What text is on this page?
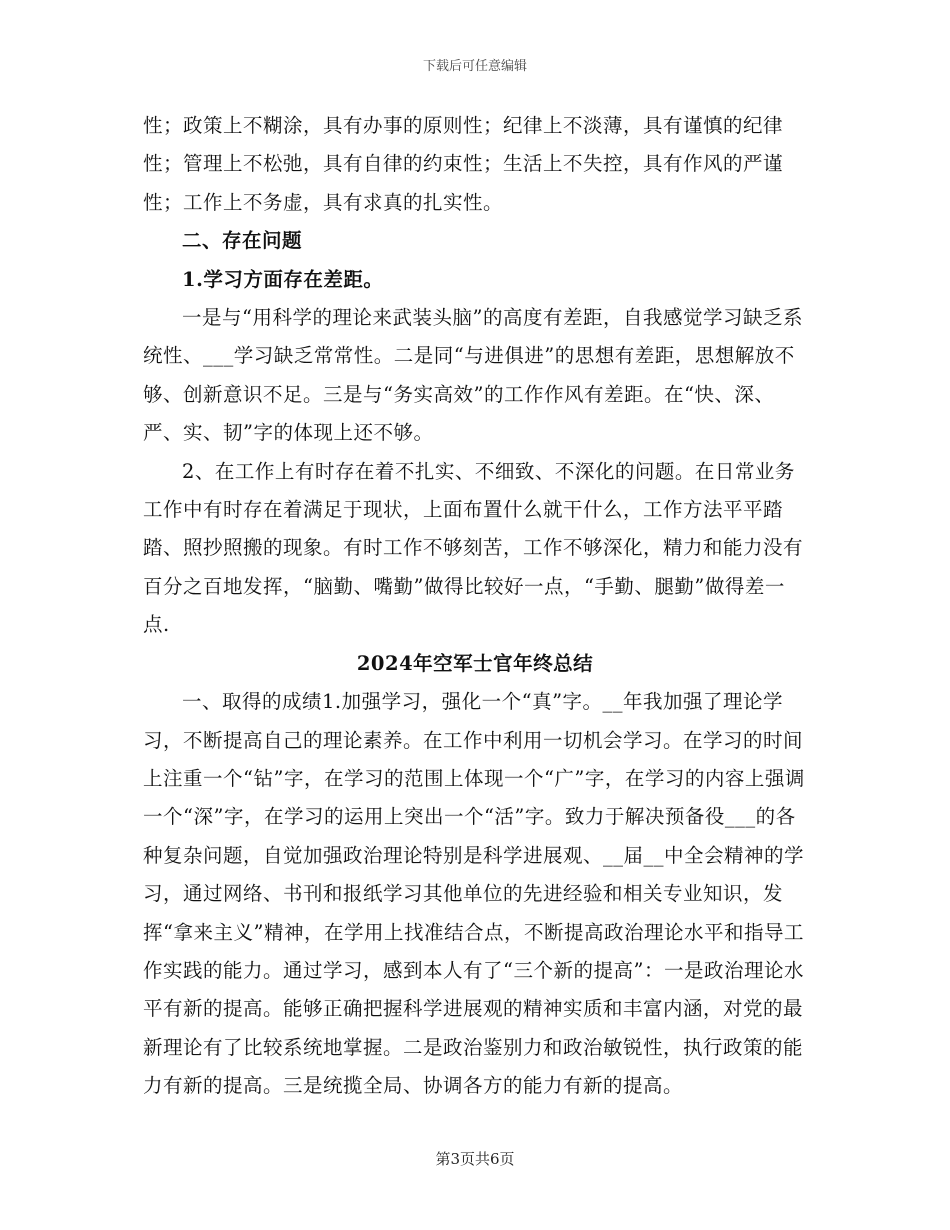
下载后可任意编辑

性；政策上不糊涂，具有办事的原则性；纪律上不淡薄，具有谨慎的纪律性；管理上不松弛，具有自律的约束性；生活上不失控，具有作风的严谨性；工作上不务虚，具有求真的扎实性。

二、存在问题

1.学习方面存在差距。

一是与“用科学的理论来武装头脑”的高度有差距，自我感觉学习缺乏系统性、___学习缺乏常常性。二是同“与进俱进”的思想有差距，思想解放不够、创新意识不足。三是与“务实高效”的工作作风有差距。在“快、深、严、实、韧”字的体现上还不够。

2、在工作上有时存在着不扎实、不细致、不深化的问题。在日常业务工作中有时存在着满足于现状，上面布置什么就干什么，工作方法平平踏踏、照抄照搬的现象。有时工作不够刻苦，工作不够深化，精力和能力没有百分之百地发挥，“脑勤、嘴勤”做得比较好一点，“手勤、腿勤”做得差一点.

2024年空军士官年终总结

一、取得的成绩1.加强学习，强化一个“真”字。__年我加强了理论学习，不断提高自己的理论素养。在工作中利用一切机会学习。在学习的时间上注重一个“钻”字，在学习的范围上体现一个“广”字，在学习的内容上强调一个“深”字，在学习的运用上突出一个“活”字。致力于解决预备役___的各种复杂问题，自觉加强政治理论特别是科学进展观、__届__中全会精神的学习，通过网络、书刊和报纸学习其他单位的先进经验和相关专业知识，发挥“拿来主义”精神，在学用上找准结合点，不断提高政治理论水平和指导工作实践的能力。通过学习，感到本人有了“三个新的提高”：一是政治理论水平有新的提高。能够正确把握科学进展观的精神实质和丰富内涵，对党的最新理论有了比较系统地掌握。二是政治鉴别力和政治敏锐性，执行政策的能力有新的提高。三是统揽全局、协调各方的能力有新的提高。

第3页共6页
